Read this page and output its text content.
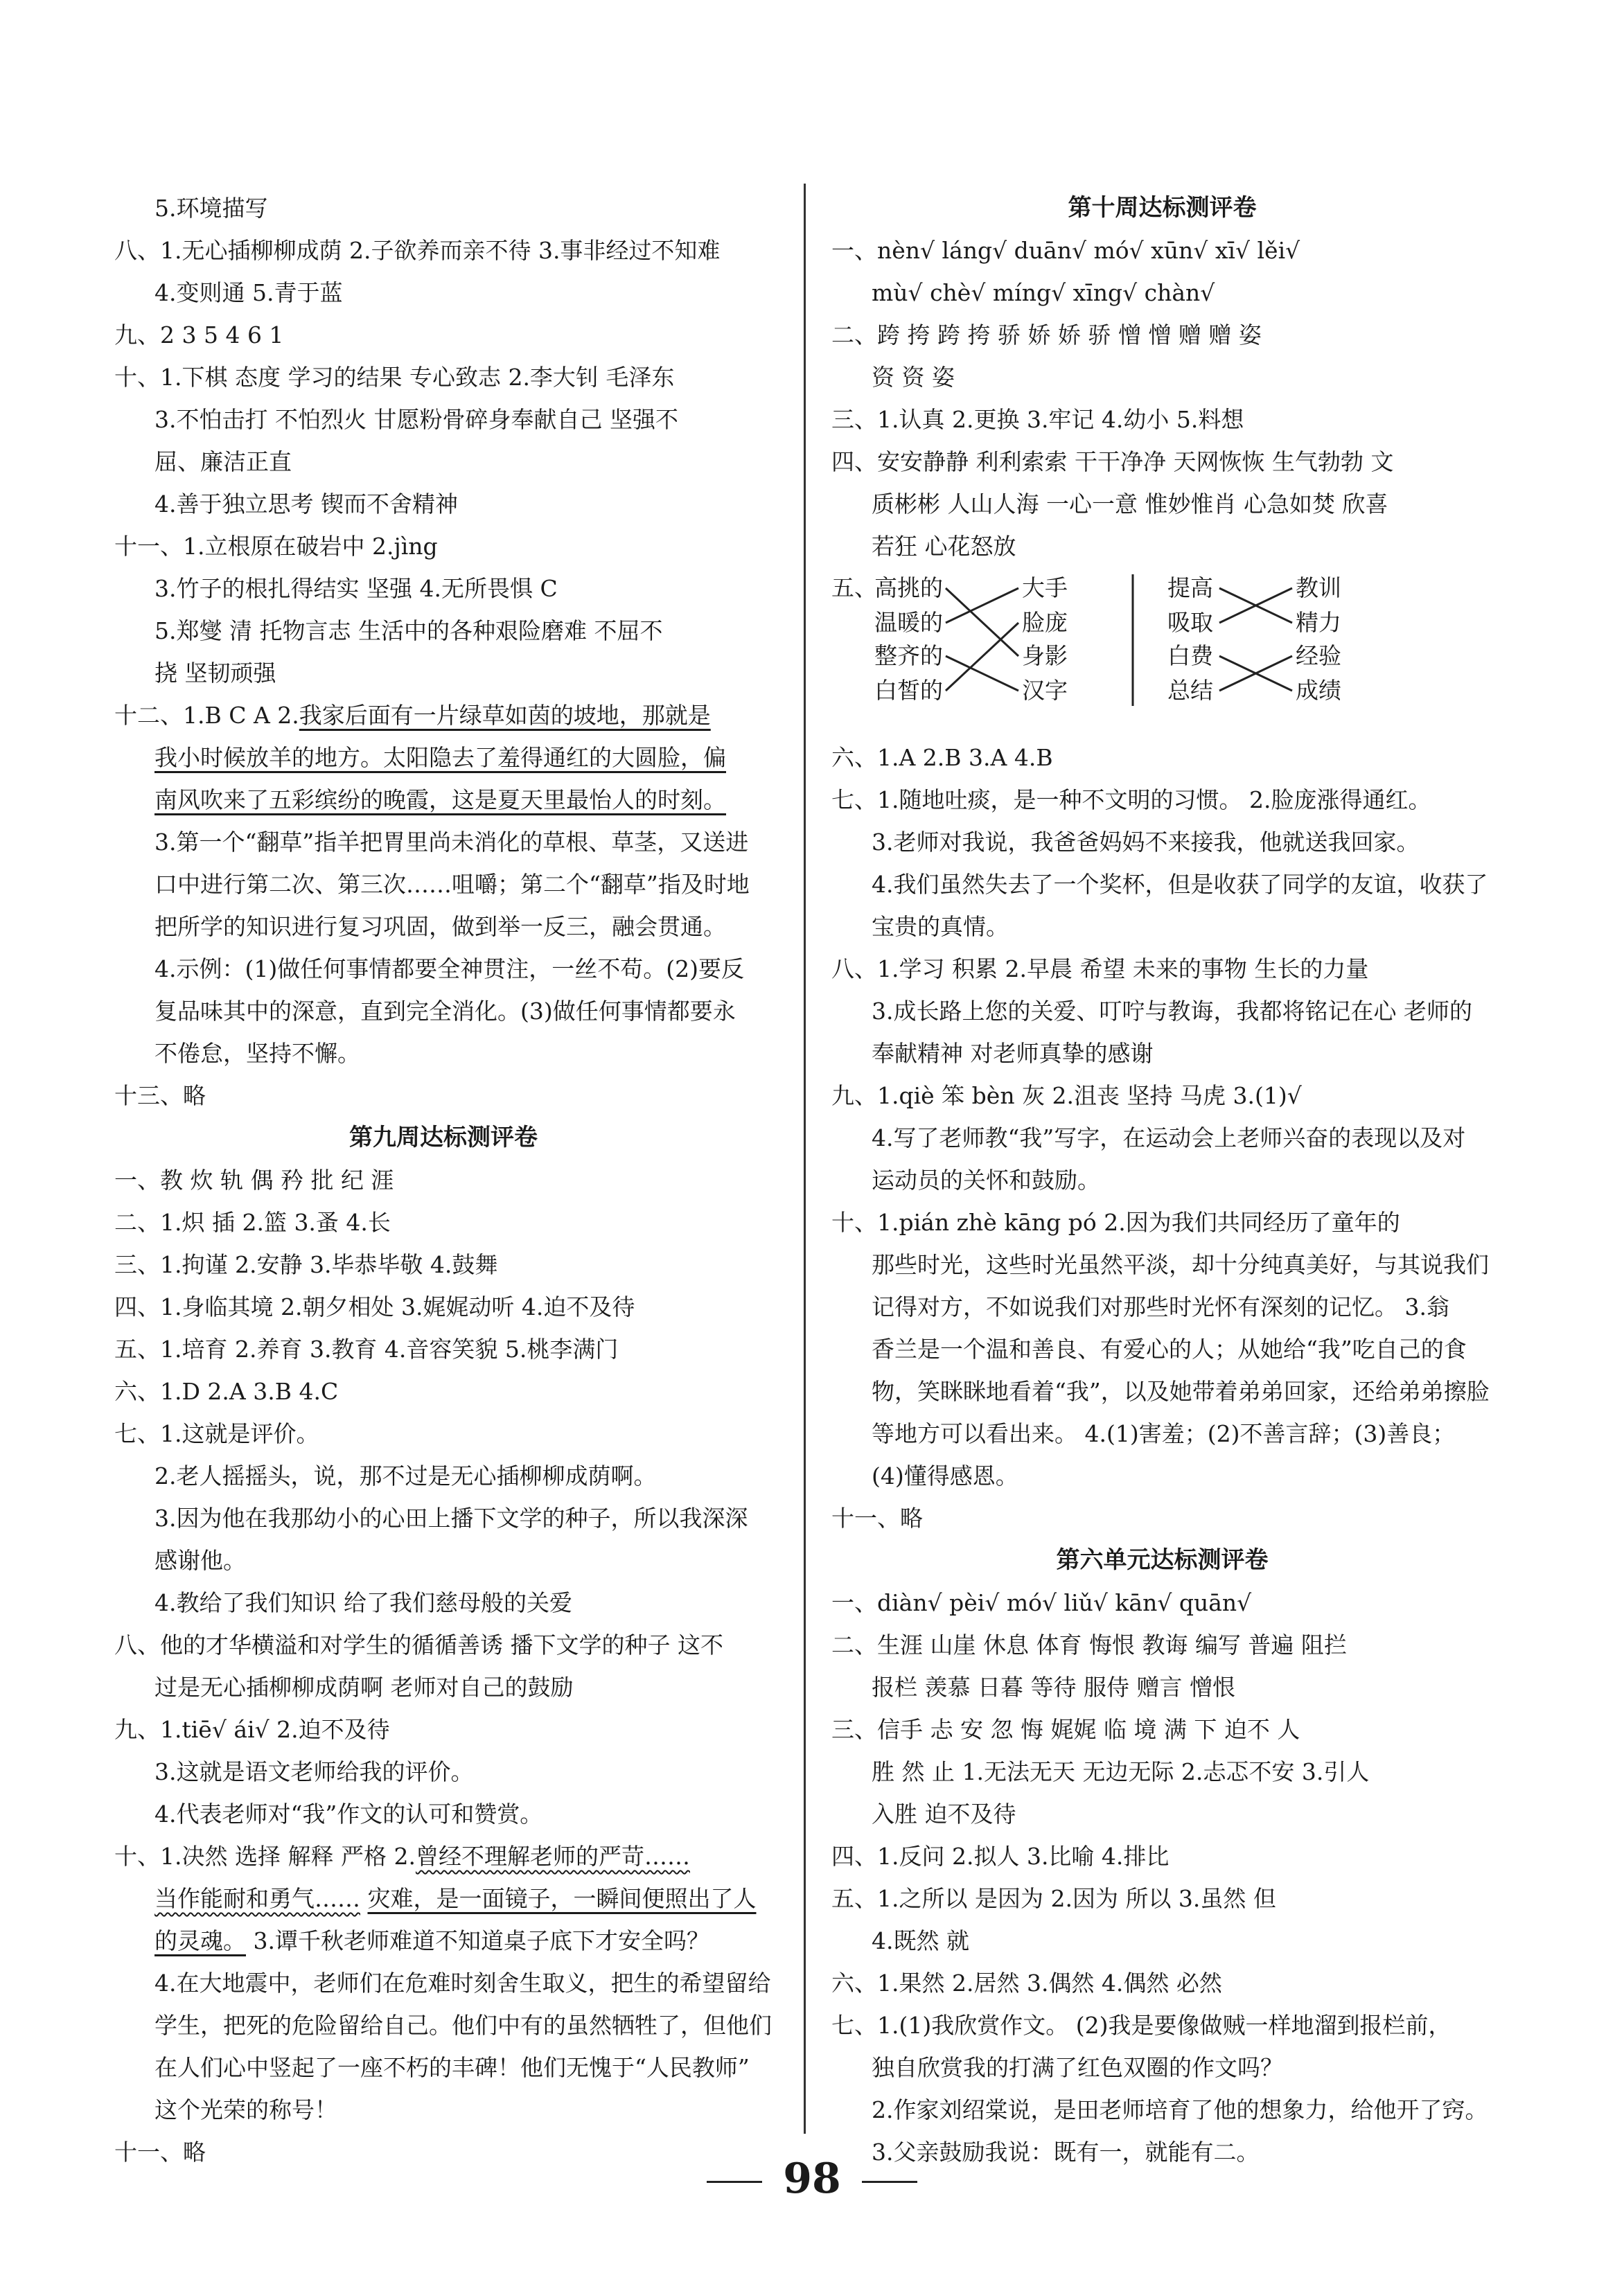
5.环境描写
八、1.无心插柳柳成荫 2.子欲养而亲不待 3.事非经过不知难
4.变则通 5.青于蓝
九、2 3 5 4 6 1
十、1.下棋 态度 学习的结果 专心致志 2.李大钊 毛泽东
3.不怕击打 不怕烈火 甘愿粉骨碎身奉献自己 坚强不
屈、廉洁正直
4.善于独立思考 锲而不舍精神
十一、1.立根原在破岩中 2.jìng
3.竹子的根扎得结实 坚强 4.无所畏惧 C
5.郑燮 清 托物言志 生活中的各种艰险磨难 不屈不
挠 坚韧顽强
十二、1.B C A 2.我家后面有一片绿草如茵的坡地，那就是
我小时候放羊的地方。太阳隐去了羞得通红的大圆脸，偏
南风吹来了五彩缤纷的晚霞，这是夏天里最怡人的时刻。
3.第一个“翻草”指羊把胃里尚未消化的草根、草茎，又送进
口中进行第二次、第三次……咀嚼；第二个“翻草”指及时地
把所学的知识进行复习巩固，做到举一反三，融会贯通。
4.示例：(1)做任何事情都要全神贯注，一丝不苟。(2)要反
复品味其中的深意，直到完全消化。(3)做任何事情都要永
不倦怠，坚持不懈。
十三、略
第九周达标测评卷
一、教 炊 轨 偶 矜 批 纪 涯
二、1.炽 插 2.篮 3.蚤 4.长
三、1.拘谨 2.安静 3.毕恭毕敬 4.鼓舞
四、1.身临其境 2.朝夕相处 3.娓娓动听 4.迫不及待
五、1.培育 2.养育 3.教育 4.音容笑貌 5.桃李满门
六、1.D 2.A 3.B 4.C
七、1.这就是评价。
2.老人摇摇头，说，那不过是无心插柳柳成荫啊。
3.因为他在我那幼小的心田上播下文学的种子，所以我深深
感谢他。
4.教给了我们知识 给了我们慈母般的关爱
八、他的才华横溢和对学生的循循善诱 播下文学的种子 这不
过是无心插柳柳成荫啊 老师对自己的鼓励
九、1.tiē√ ái√ 2.迫不及待
3.这就是语文老师给我的评价。
4.代表老师对“我”作文的认可和赞赏。
十、1.决然 选择 解释 严格 2.曾经不理解老师的严苛……
当作能耐和勇气…… 灾难，是一面镜子，一瞬间便照出了人
的灵魂。 3.谭千秋老师难道不知道桌子底下才安全吗？
4.在大地震中，老师们在危难时刻舍生取义，把生的希望留给
学生，把死的危险留给自己。他们中有的虽然牺牲了，但他们
在人们心中竖起了一座不朽的丰碑！他们无愧于“人民教师”
这个光荣的称号！
十一、略
第十周达标测评卷
一、nèn√ láng√ duān√ mó√ xūn√ xī√ lěi√
mù√ chè√ míng√ xīng√ chàn√
二、跨 挎 跨 挎 骄 娇 娇 骄 憎 憎 赠 赠 姿
资 资 姿
三、1.认真 2.更换 3.牢记 4.幼小 5.料想
四、安安静静 利利索索 干干净净 天网恢恢 生气勃勃 文
质彬彬 人山人海 一心一意 惟妙惟肖 心急如焚 欣喜
若狂 心花怒放
五、
高挑的
温暖的
整齐的
白皙的
大手
脸庞
身影
汉字
提高
吸取
白费
总结
教训
精力
经验
成绩
六、1.A 2.B 3.A 4.B
七、1.随地吐痰，是一种不文明的习惯。 2.脸庞涨得通红。
3.老师对我说，我爸爸妈妈不来接我，他就送我回家。
4.我们虽然失去了一个奖杯，但是收获了同学的友谊，收获了
宝贵的真情。
八、1.学习 积累 2.早晨 希望 未来的事物 生长的力量
3.成长路上您的关爱、叮咛与教诲，我都将铭记在心 老师的
奉献精神 对老师真挚的感谢
九、1.qiè 笨 bèn 灰 2.沮丧 坚持 马虎 3.(1)√
4.写了老师教“我”写字，在运动会上老师兴奋的表现以及对
运动员的关怀和鼓励。
十、1.pián zhè kāng pó 2.因为我们共同经历了童年的
那些时光，这些时光虽然平淡，却十分纯真美好，与其说我们
记得对方，不如说我们对那些时光怀有深刻的记忆。 3.翁
香兰是一个温和善良、有爱心的人；从她给“我”吃自己的食
物，笑眯眯地看着“我”，以及她带着弟弟回家，还给弟弟擦脸
等地方可以看出来。 4.(1)害羞；(2)不善言辞；(3)善良；
(4)懂得感恩。
十一、略
第六单元达标测评卷
一、diàn√ pèi√ mó√ liǔ√ kān√ quān√
二、生涯 山崖 休息 体育 悔恨 教诲 编写 普遍 阻拦
报栏 羡慕 日暮 等待 服侍 赠言 憎恨
三、信手 忐 安 忽 悔 娓娓 临 境 满 下 迫不 人
胜 然 止 1.无法无天 无边无际 2.忐忑不安 3.引人
入胜 迫不及待
四、1.反问 2.拟人 3.比喻 4.排比
五、1.之所以 是因为 2.因为 所以 3.虽然 但
4.既然 就
六、1.果然 2.居然 3.偶然 4.偶然 必然
七、1.(1)我欣赏作文。 (2)我是要像做贼一样地溜到报栏前，
独自欣赏我的打满了红色双圈的作文吗？
2.作家刘绍棠说，是田老师培育了他的想象力，给他开了窍。
3.父亲鼓励我说：既有一，就能有二。
98
